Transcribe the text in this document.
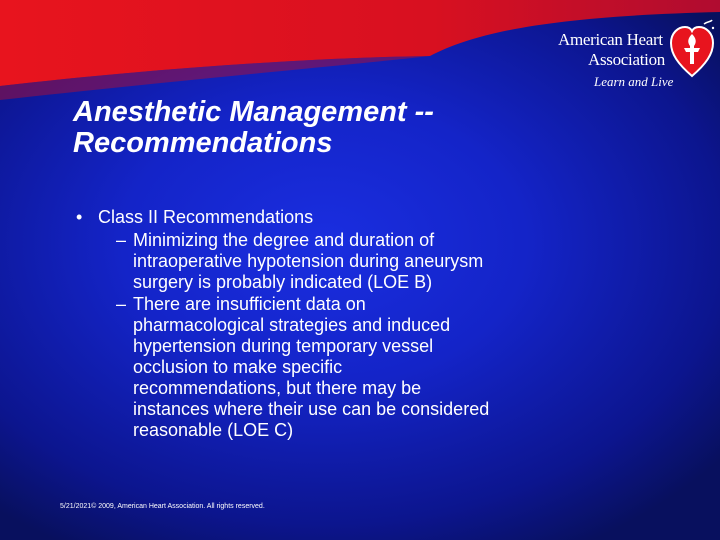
American Heart
Association
Learn and Live
Anesthetic Management --
Recommendations
• Class II Recommendations
– Minimizing the degree and duration of
intraoperative hypotension during aneurysm
surgery is probably indicated (LOE B)
– There are insufficient data on
pharmacological strategies and induced
hypertension during temporary vessel
occlusion to make specific
recommendations, but there may be
instances where their use can be considered
reasonable (LOE C)
5/21/2021© 2009, American Heart Association. All rights reserved.
